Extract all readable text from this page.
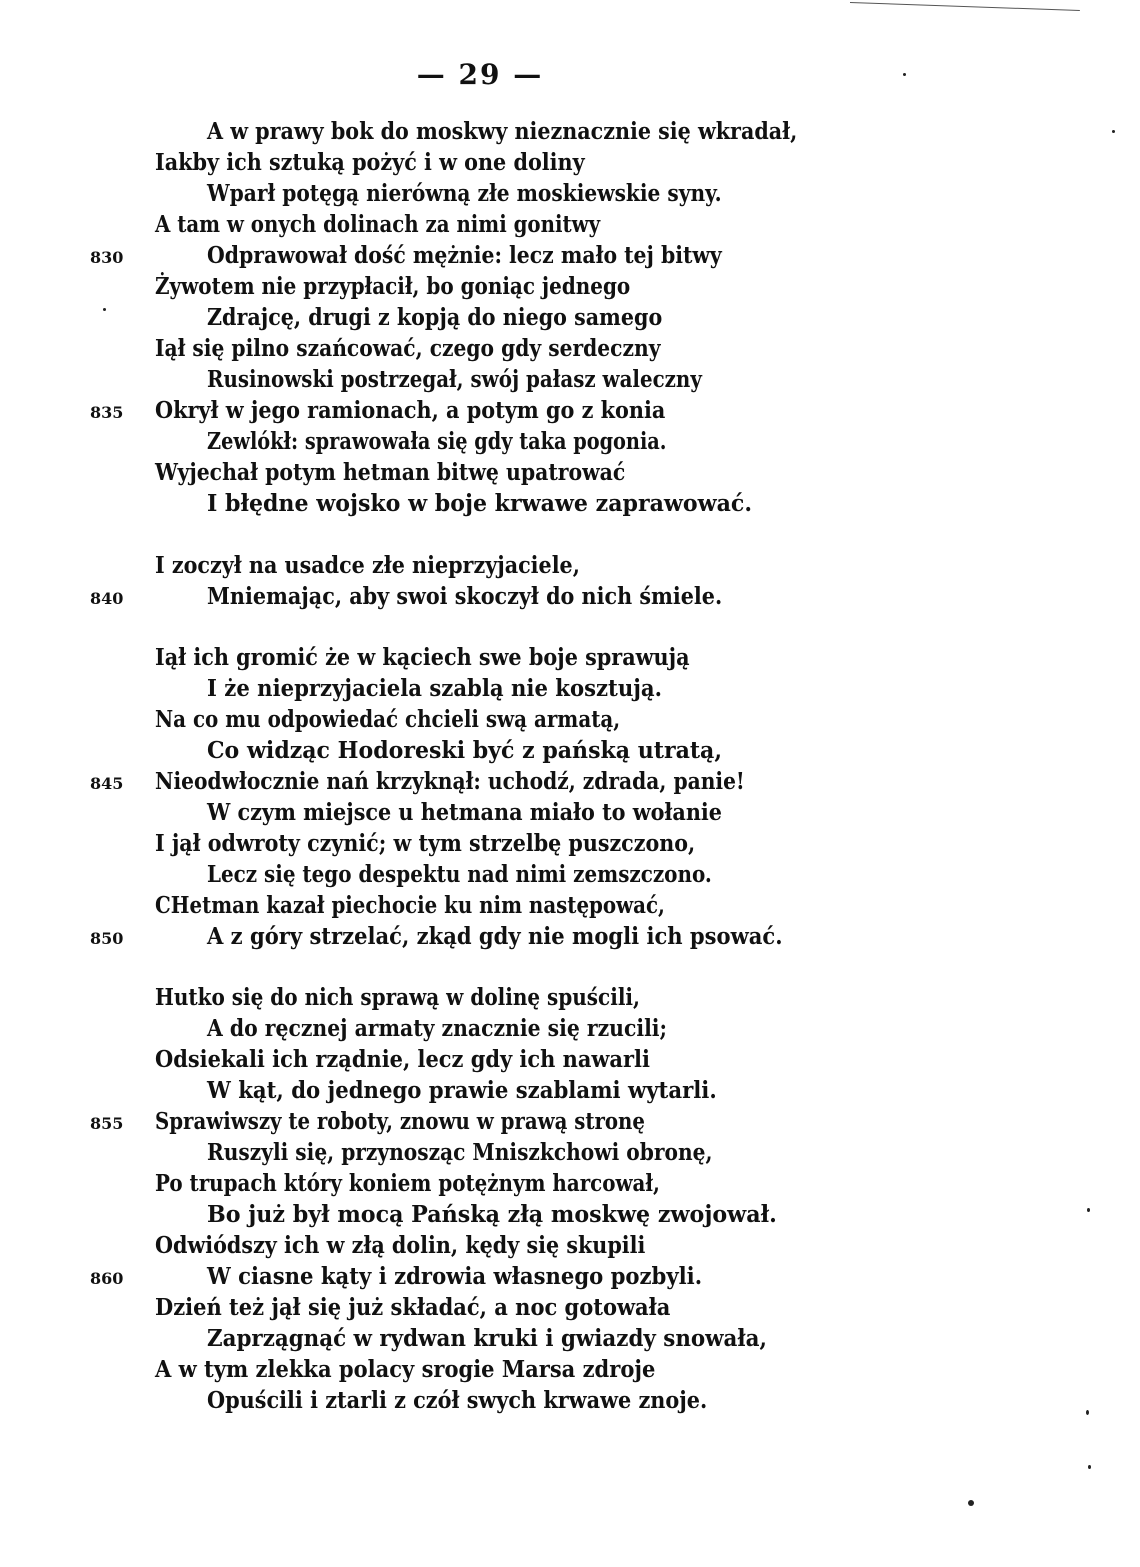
— 29 —
A w prawy bok do moskwy nieznacznie się wkradał,
Iakby ich sztuką pożyć i w one doliny
Wparł potęgą nierówną złe moskiewskie syny.
A tam w onych dolinach za nimi gonitwy
Odprawował dość mężnie: lecz mało tej bitwy
830
Żywotem nie przypłacił, bo goniąc jednego
Zdrajcę, drugi z kopją do niego samego
Iął się pilno szańcować, czego gdy serdeczny
Rusinowski postrzegał, swój pałasz waleczny
Okrył w jego ramionach, a potym go z konia
835
Zewlókł: sprawowała się gdy taka pogonia.
Wyjechał potym hetman bitwę upatrować
I błędne wojsko w boje krwawe zaprawować.
I zoczył na usadce złe nieprzyjaciele,
Mniemając, aby swoi skoczył do nich śmiele.
840
Iął ich gromić że w kąciech swe boje sprawują
I że nieprzyjaciela szablą nie kosztują.
Na co mu odpowiedać chcieli swą armatą,
Co widząc Hodoreski być z pańską utratą,
Nieodwłocznie nań krzyknął: uchodź, zdrada, panie!
845
W czym miejsce u hetmana miało to wołanie
I jął odwroty czynić; w tym strzelbę puszczono,
Lecz się tego despektu nad nimi zemszczono.
CHetman kazał piechocie ku nim następować,
A z góry strzelać, zkąd gdy nie mogli ich psować.
850
Hutko się do nich sprawą w dolinę spuścili,
A do ręcznej armaty znacznie się rzucili;
Odsiekali ich rządnie, lecz gdy ich nawarli
W kąt, do jednego prawie szablami wytarli.
Sprawiwszy te roboty, znowu w prawą stronę
855
Ruszyli się, przynosząc Mniszkchowi obronę,
Po trupach który koniem potężnym harcował,
Bo już był mocą Pańską złą moskwę zwojował.
Odwiódszy ich w złą dolin, kędy się skupili
W ciasne kąty i zdrowia własnego pozbyli.
860
Dzień też jął się już składać, a noc gotowała
Zaprzągnąć w rydwan kruki i gwiazdy snowała,
A w tym zlekka polacy srogie Marsa zdroje
Opuścili i ztarli z czół swych krwawe znoje.
